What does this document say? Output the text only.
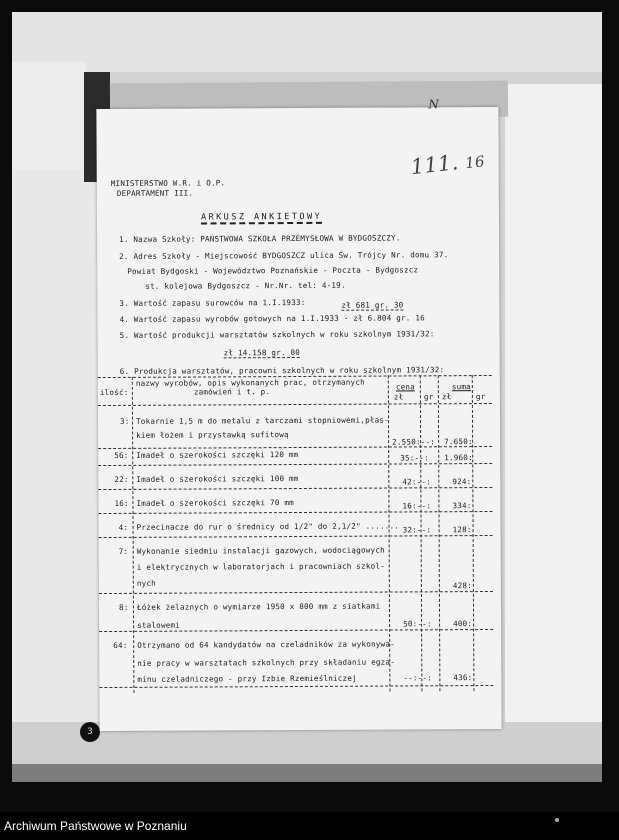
3
N
111. 16
MINISTERSTWO W.R. i O.P.
DEPARTAMENT III.
ARKUSZ ANKIETOWY
1. Nazwa Szkoły: PAŃSTWOWA SZKOŁA PRZEMYSŁOWA W BYDGOSZCZY.
2. Adres Szkoły - Miejscowość BYDGOSZCZ ulica Św. Trójcy Nr. domu 37.
Powiat Bydgoski - Województwo Poznańskie - Poczta - Bydgoszcz
st. kolejowa Bydgoszcz - Nr.Nr. tel: 4-19.
3. Wartość zapasu surowców na 1.I.1933:	zł 681 gr. 30
4. Wartość zapasu wyrobów gotowych na 1.I.1933 - zł 6.804 gr. 16
5. Wartość produkcji warsztatów szkolnych w roku szkolnym 1931/32:
zł 14.158 gr. 80
6. Produkcja warsztatów, pracowni szkolnych w roku szkolnym 1931/32:
ilość:
nazwy wyrobów, opis wykonanych prac, otrzymanych
zamówień i t. p.
cena	suma
zł	gr zł	gr
3: Tokarnie 1,5 m do metalu z tarczami stopniowemi,płas-
kiem łożem i przystawką sufitową
2.550:--: 7.650:
56: Imadeł o szerokości szczęki 120 mm	35:--: 1.960:
22: Imadeł o szerokości szczęki 100 mm	42:--:	924:
16: Imadeł o szerokości szczęki 70 mm	16:--:	334:
4: Przecinacze do rur o średnicy od 1/2" do 2,1/2" ....... 32:--:	128:
7: Wykonanie siedmiu instalacji gazowych, wodociągowych
i elektrycznych w laboratorjach i pracowniach szkol-
nych	428:
8: Łóżek żelaznych o wymiarze 1950 x 800 mm z siatkami
stalowemi	50:--:	400:
64: Otrzymano od 64 kandydatów na czeladników za wykonywa-
nie pracy w warsztatach szkolnych przy składaniu egza-
minu czeladniczego - przy Izbie Rzemieślniczej	--:--:	436:
Archiwum Państwowe w Poznaniu
